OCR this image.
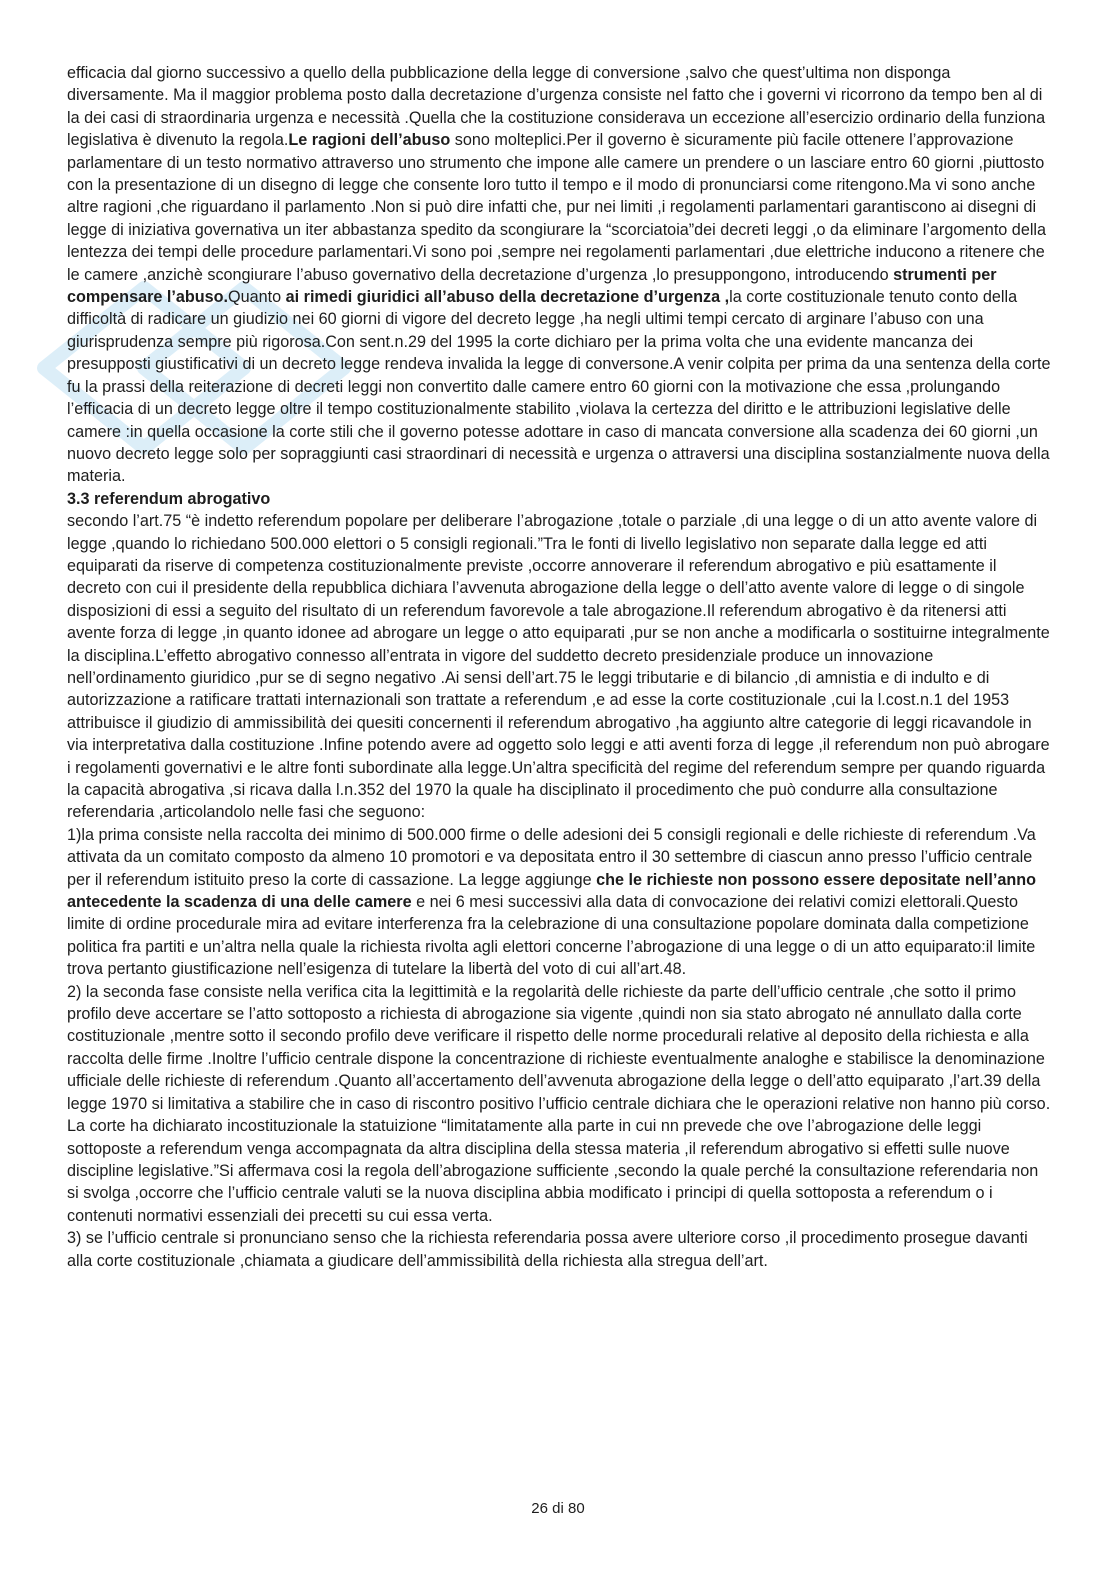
efficacia dal giorno successivo a quello della pubblicazione della legge di conversione ,salvo che quest’ultima non disponga diversamente. Ma il maggior problema posto dalla decretazione d’urgenza consiste nel fatto che i governi vi ricorrono da tempo ben al di la dei casi di straordinaria urgenza e necessità .Quella che la costituzione considerava un eccezione all’esercizio ordinario della funziona legislativa è divenuto la regola.Le ragioni dell’abuso sono molteplici.Per il governo è sicuramente più facile ottenere l’approvazione parlamentare di un testo normativo attraverso uno strumento che impone alle camere un prendere o un lasciare entro 60 giorni ,piuttosto con la presentazione di un disegno di legge che consente loro tutto il tempo e il modo di pronunciarsi come ritengono.Ma vi sono anche altre ragioni ,che riguardano il parlamento .Non si può dire infatti che, pur nei limiti ,i regolamenti parlamentari garantiscono ai disegni di legge di iniziativa governativa un iter abbastanza spedito da scongiurare la “scorciatoia”dei decreti leggi ,o da eliminare l’argomento della lentezza dei tempi delle procedure parlamentari.Vi sono poi ,sempre nei regolamenti parlamentari ,due elettriche inducono a ritenere che le camere ,anzichè scongiurare l’abuso governativo della decretazione d’urgenza ,lo presuppongono, introducendo strumenti per compensare l’abuso.Quanto ai rimedi giuridici all’abuso della decretazione d’urgenza ,la corte costituzionale tenuto conto della difficoltà di radicare un giudizio nei 60 giorni di vigore del decreto legge ,ha negli ultimi tempi cercato di arginare l’abuso con una giurisprudenza sempre più rigorosa.Con sent.n.29 del 1995 la corte dichiaro per la prima volta che una evidente mancanza dei presupposti giustificativi di un decreto legge rendeva invalida la legge di conversone.A venir colpita per prima da una sentenza della corte fu la prassi della reiterazione di decreti leggi non convertito dalle camere entro 60 giorni con la motivazione che essa ,prolungando l’efficacia di un decreto legge oltre il tempo costituzionalmente stabilito ,violava la certezza del diritto e le attribuzioni legislative delle camere :in quella occasione la corte stili che il governo potesse adottare in caso di mancata conversione alla scadenza dei 60 giorni ,un nuovo decreto legge solo per sopraggiunti casi straordinari di necessità e urgenza o attraversi una disciplina sostanzialmente nuova della materia.

3.3 referendum abrogativo

secondo l’art.75 “è indetto referendum popolare per deliberare l’abrogazione ,totale o parziale ,di una legge o di un atto avente valore di legge ,quando lo richiedano 500.000 elettori o 5 consigli regionali.”Tra le fonti di livello legislativo non separate dalla legge ed atti equiparati da riserve di competenza costituzionalmente previste ,occorre annoverare il referendum abrogativo e più esattamente il decreto con cui il presidente della repubblica dichiara l’avvenuta abrogazione della legge o dell’atto avente valore di legge o di singole disposizioni di essi a seguito del risultato di un referendum favorevole a tale abrogazione.Il referendum abrogativo è da ritenersi atti avente forza di legge ,in quanto idonee ad abrogare un legge o atto equiparati ,pur se non anche a modificarla o sostituirne integralmente la disciplina.L’effetto abrogativo connesso all’entrata in vigore del suddetto decreto presidenziale produce un innovazione nell’ordinamento giuridico ,pur se di segno negativo .Ai sensi dell’art.75 le leggi tributarie e di bilancio ,di amnistia e di indulto e di autorizzazione a ratificare trattati internazionali son trattate a referendum ,e ad esse la corte costituzionale ,cui la l.cost.n.1 del 1953 attribuisce il giudizio di ammissibilità dei quesiti concernenti il referendum abrogativo ,ha aggiunto altre categorie di leggi ricavandole in via interpretativa dalla costituzione .Infine potendo avere ad oggetto solo leggi e atti aventi forza di legge ,il referendum non può abrogare i regolamenti governativi e le altre fonti subordinate alla legge.Un’altra specificità del regime del referendum sempre per quando riguarda la capacità abrogativa ,si ricava dalla l.n.352 del 1970 la quale ha disciplinato il procedimento che può condurre alla consultazione referendaria ,articolandolo nelle fasi che seguono:

1)la prima consiste nella raccolta dei minimo di 500.000 firme o delle adesioni dei 5 consigli regionali e delle richieste di referendum .Va attivata da un comitato composto da almeno 10 promotori e va depositata entro il 30 settembre di ciascun anno presso l’ufficio centrale per il referendum istituito preso la corte di cassazione. La legge aggiunge che le richieste non possono essere depositate nell’anno antecedente la scadenza di una delle camere e nei 6 mesi successivi alla data di convocazione dei relativi comizi elettorali.Questo limite di ordine procedurale mira ad evitare interferenza fra la celebrazione di una consultazione popolare dominata dalla competizione politica fra partiti e un’altra nella quale la richiesta rivolta agli elettori concerne l’abrogazione di una legge o di un atto equiparato:il limite trova pertanto giustificazione nell’esigenza di tutelare la libertà del voto di cui all’art.48.

2) la seconda fase consiste nella verifica cita la legittimità e la regolarità delle richieste da parte dell’ufficio centrale ,che sotto il primo profilo deve accertare se l’atto sottoposto a richiesta di abrogazione sia vigente ,quindi non sia stato abrogato né annullato dalla corte costituzionale ,mentre sotto il secondo profilo deve verificare il rispetto delle norme procedurali relative al deposito della richiesta e alla raccolta delle firme .Inoltre l’ufficio centrale dispone la concentrazione di richieste eventualmente analoghe e stabilisce la denominazione ufficiale delle richieste di referendum .Quanto all’accertamento dell’avvenuta abrogazione della legge o dell’atto equiparato ,l’art.39 della legge 1970 si limitativa a stabilire che in caso di riscontro positivo l’ufficio centrale dichiara che le operazioni relative non hanno più corso. La corte ha dichiarato incostituzionale la statuizione “limitatamente alla parte in cui nn prevede che ove l’abrogazione delle leggi sottoposte a referendum venga accompagnata da altra disciplina della stessa materia ,il referendum abrogativo si effetti sulle nuove discipline legislative.”Si affermava cosi la regola dell’abrogazione sufficiente ,secondo la quale perché la consultazione referendaria non si svolga ,occorre che l’ufficio centrale valuti se la nuova disciplina abbia modificato i principi di quella sottoposta a referendum o i contenuti normativi essenziali dei precetti su cui essa verta.

3) se l’ufficio centrale si pronunciano senso che la richiesta referendaria possa avere ulteriore corso ,il procedimento prosegue davanti alla corte costituzionale ,chiamata a giudicare dell’ammissibilità della richiesta alla stregua dell’art.

26 di 80
